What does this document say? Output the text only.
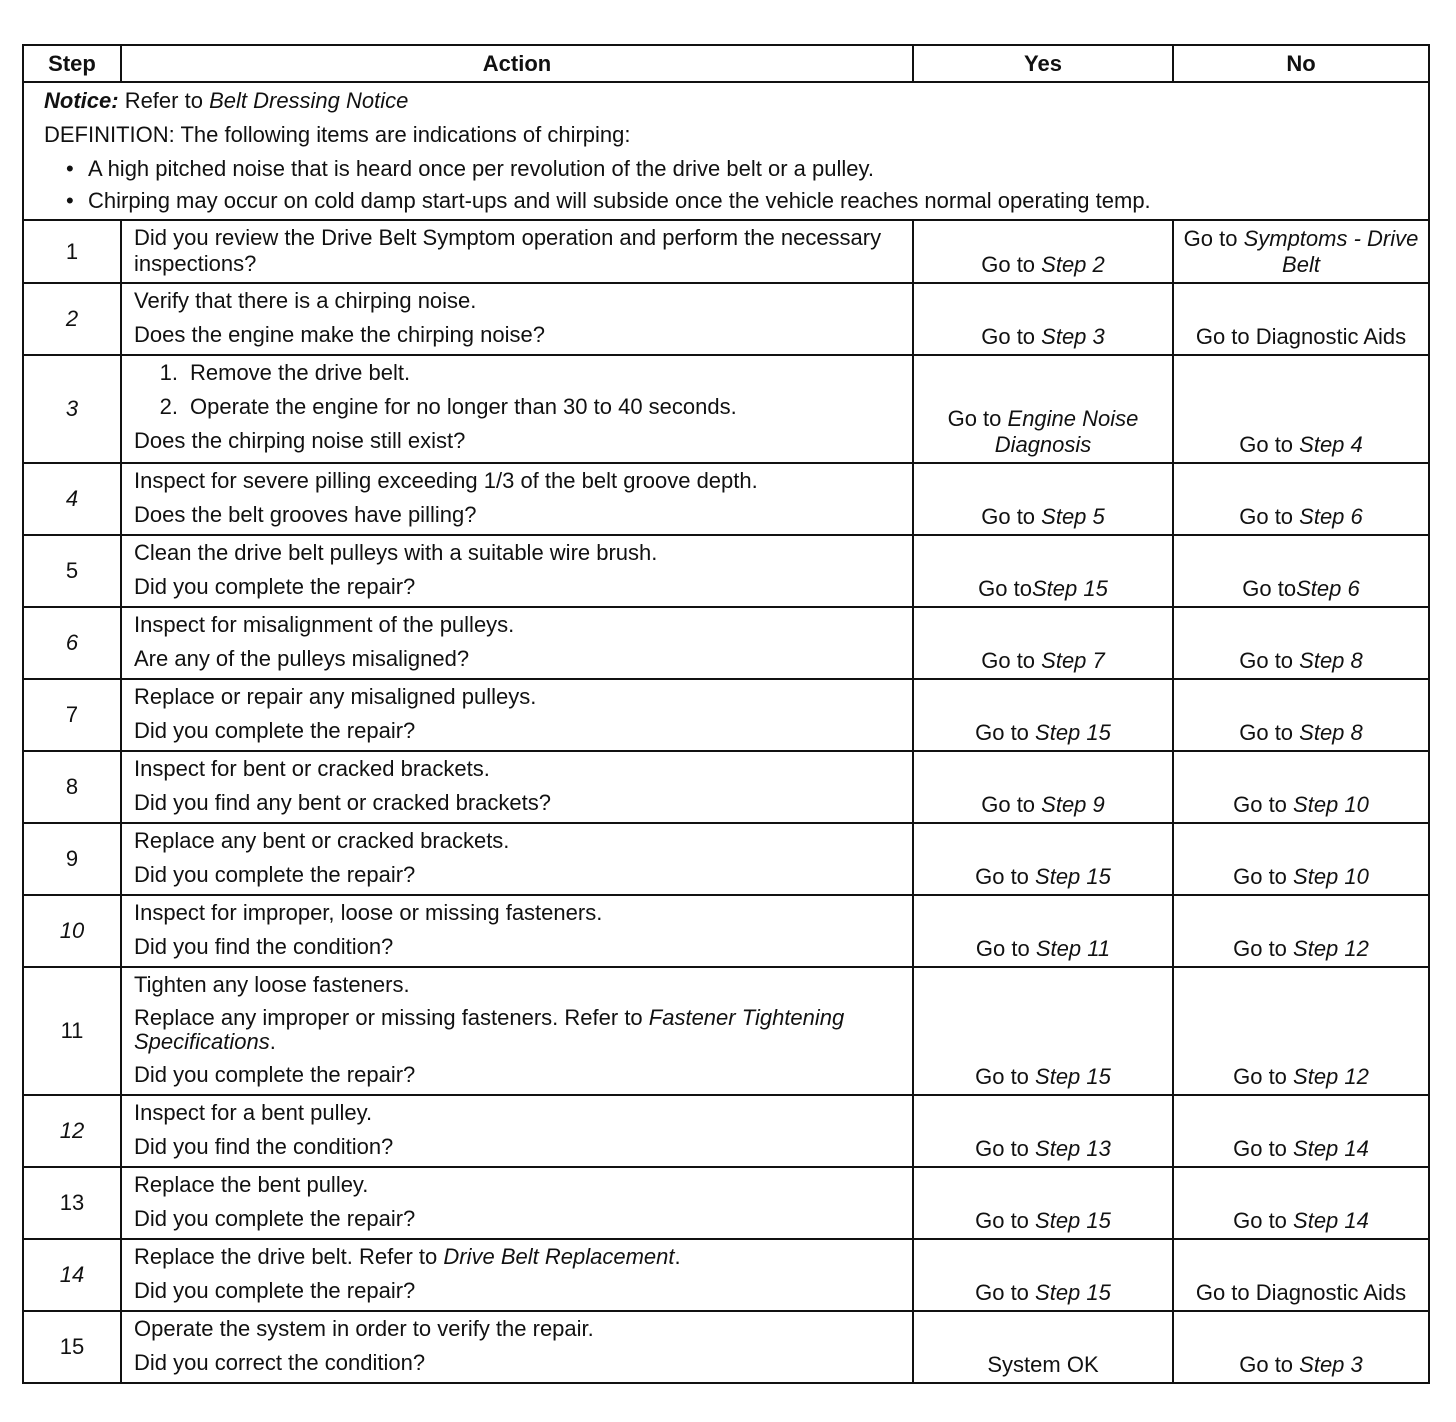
Step	Action	Yes	No

Notice: Refer to Belt Dressing Notice
DEFINITION: The following items are indications of chirping:
• A high pitched noise that is heard once per revolution of the drive belt or a pulley.
• Chirping may occur on cold damp start-ups and will subside once the vehicle reaches normal operating temp.			

1	Did you review the Drive Belt Symptom operation and perform the necessary inspections?	Go to Step 2	Go to Symptoms - Drive Belt
2	Verify that there is a chirping noise.
Does the engine make the chirping noise?	Go to Step 3	Go to Diagnostic Aids
3	1. Remove the drive belt.
2. Operate the engine for no longer than 30 to 40 seconds.
Does the chirping noise still exist?	Go to Engine Noise Diagnosis	Go to Step 4
4	Inspect for severe pilling exceeding 1/3 of the belt groove depth.
Does the belt grooves have pilling?	Go to Step 5	Go to Step 6
5	Clean the drive belt pulleys with a suitable wire brush.
Did you complete the repair?	Go toStep 15	Go toStep 6
6	Inspect for misalignment of the pulleys.
Are any of the pulleys misaligned?	Go to Step 7	Go to Step 8
7	Replace or repair any misaligned pulleys.
Did you complete the repair?	Go to Step 15	Go to Step 8
8	Inspect for bent or cracked brackets.
Did you find any bent or cracked brackets?	Go to Step 9	Go to Step 10
9	Replace any bent or cracked brackets.
Did you complete the repair?	Go to Step 15	Go to Step 10
10	Inspect for improper, loose or missing fasteners.
Did you find the condition?	Go to Step 11	Go to Step 12
11	Tighten any loose fasteners.
Replace any improper or missing fasteners. Refer to Fastener Tightening Specifications.
Did you complete the repair?	Go to Step 15	Go to Step 12
12	Inspect for a bent pulley.
Did you find the condition?	Go to Step 13	Go to Step 14
13	Replace the bent pulley.
Did you complete the repair?	Go to Step 15	Go to Step 14
14	Replace the drive belt. Refer to Drive Belt Replacement.
Did you complete the repair?	Go to Step 15	Go to Diagnostic Aids
15	Operate the system in order to verify the repair.
Did you correct the condition?	System OK	Go to Step 3
